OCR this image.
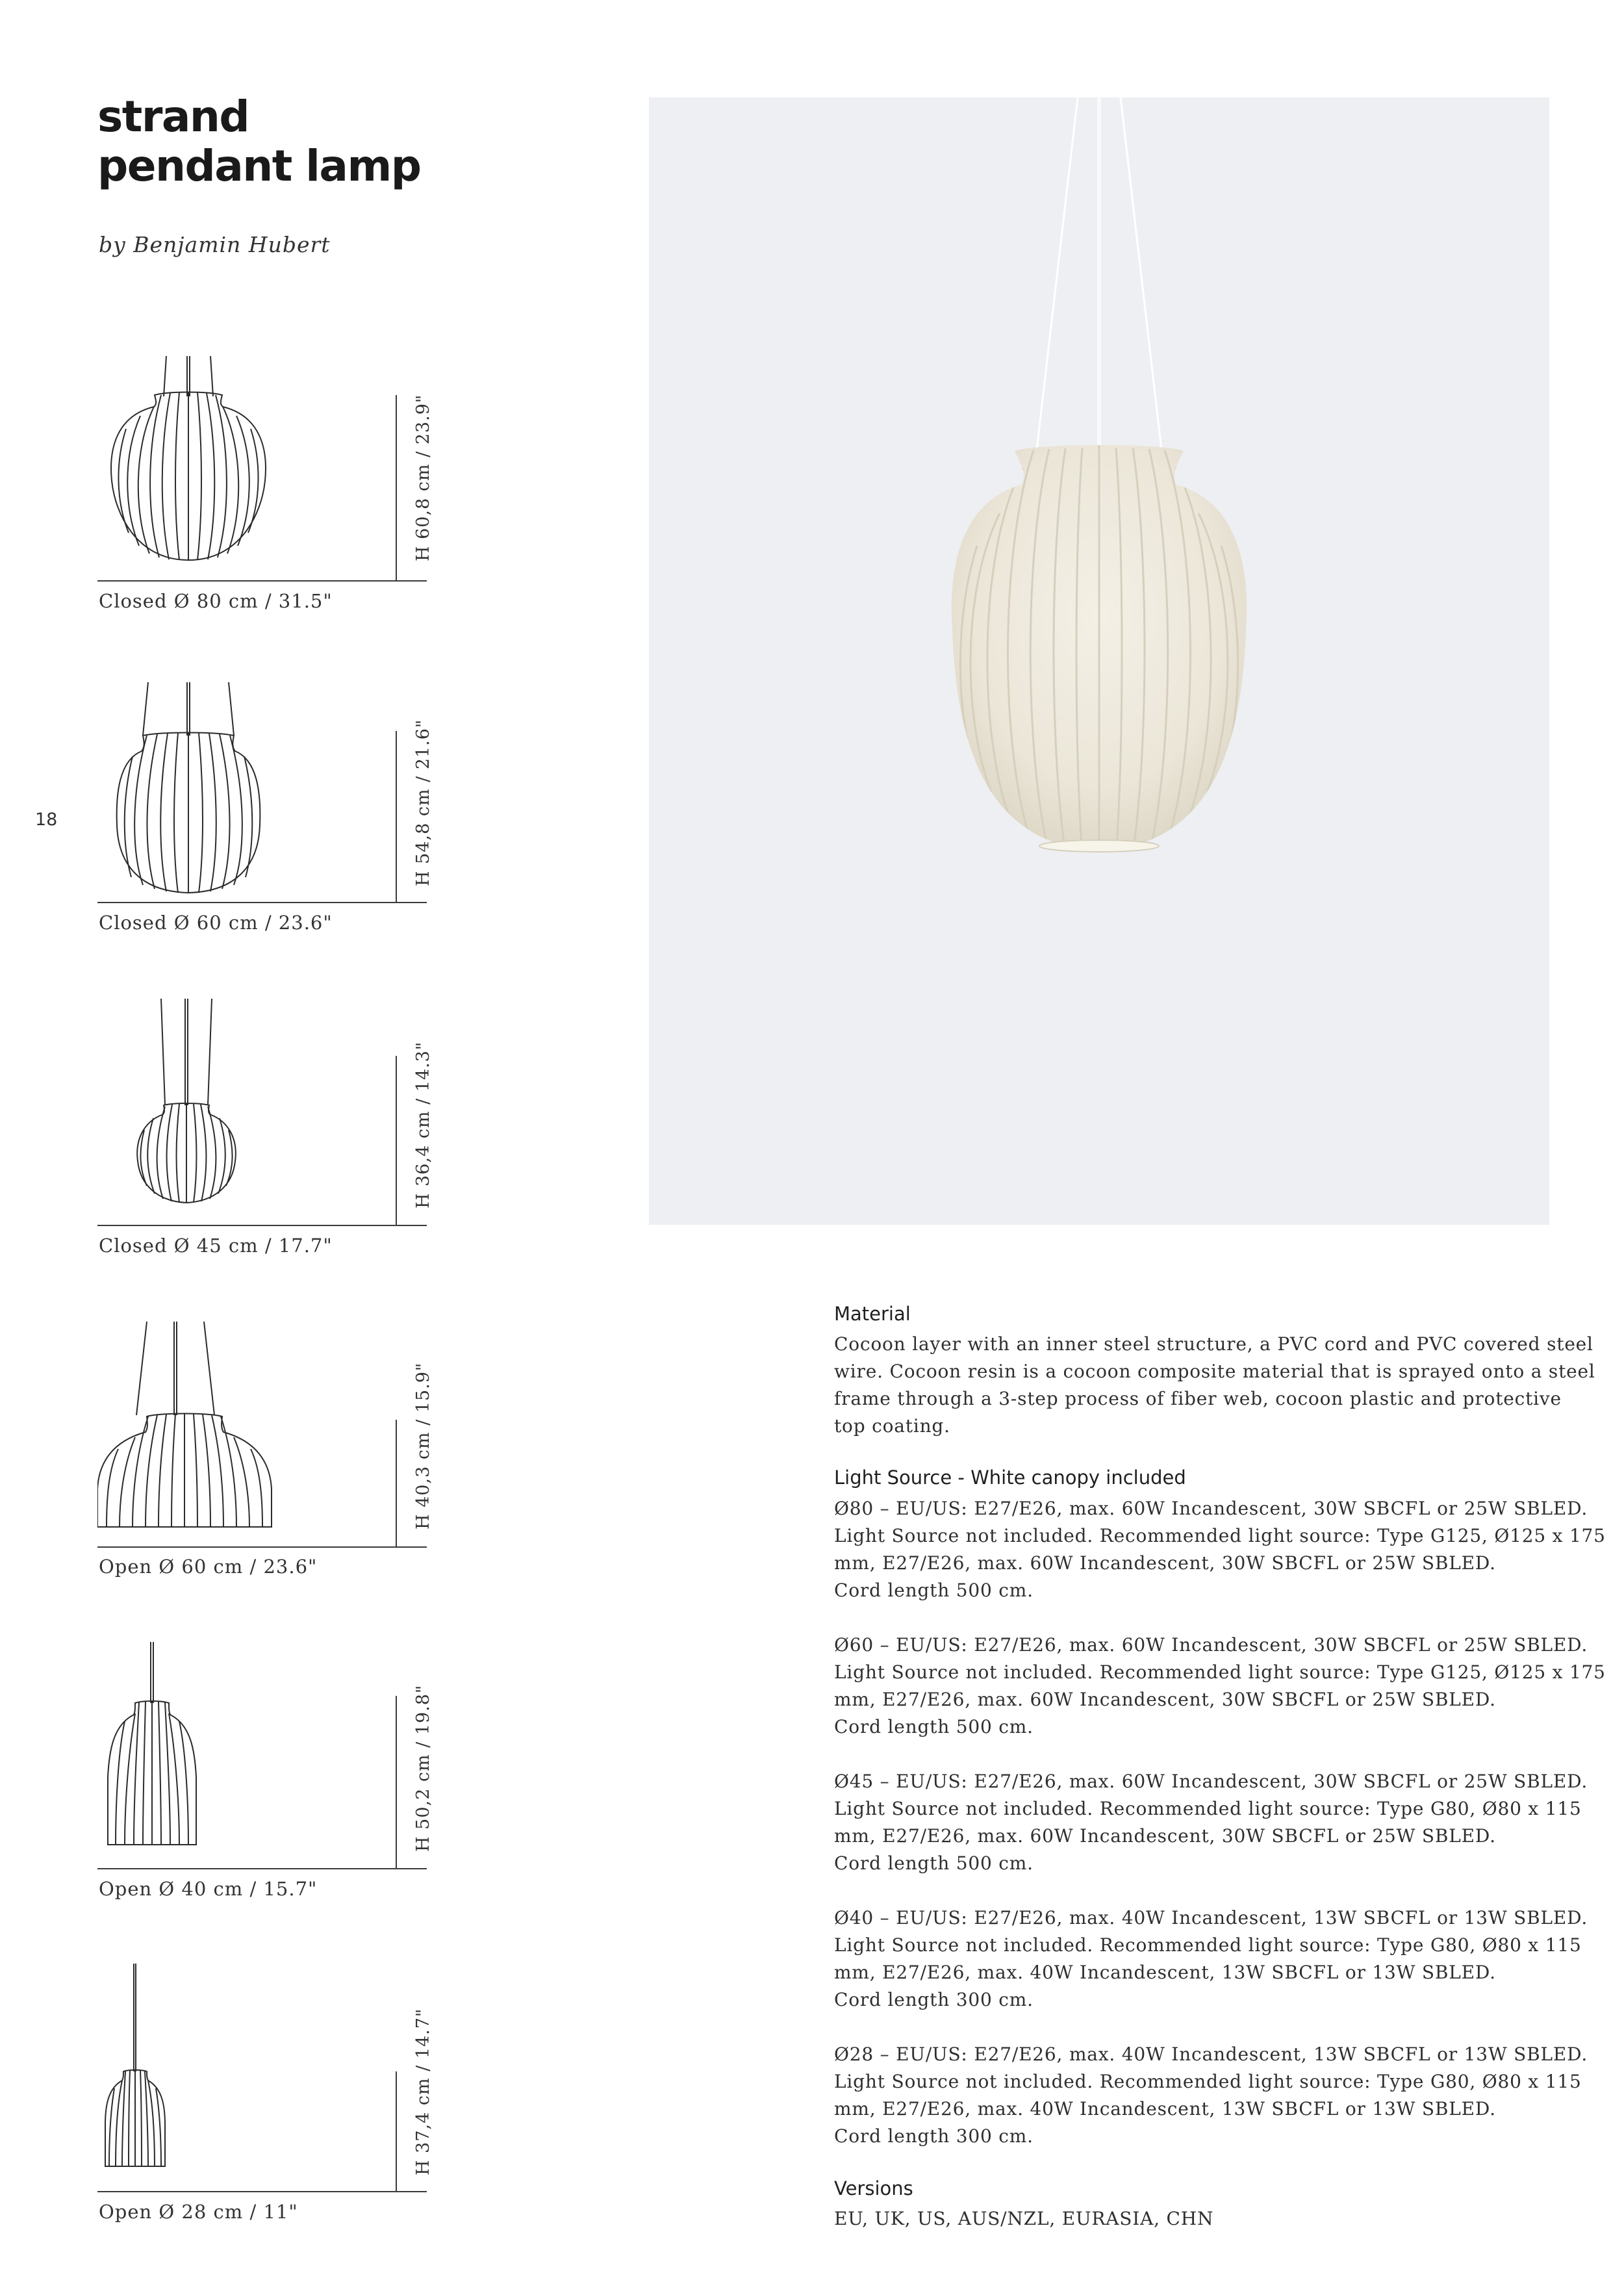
strand
pendant lamp
by Benjamin Hubert
18
H 60,8 cm / 23.9"
Closed Ø 80 cm / 31.5"
H 54,8 cm / 21.6"
Closed Ø 60 cm / 23.6"
H 36,4 cm / 14.3"
Closed Ø 45 cm / 17.7"
H 40,3 cm / 15.9"
Open Ø 60 cm / 23.6"
H 50,2 cm / 19.8"
Open Ø 40 cm / 15.7"
H 37,4 cm / 14.7"
Open Ø 28 cm / 11"
Material

Cocoon layer with an inner steel structure, a PVC cord and PVC covered steel
wire. Cocoon resin is a cocoon composite material that is sprayed onto a steel
frame through a 3-step process of fiber web, cocoon plastic and protective
top coating.

Light Source - White canopy included

Ø80 – EU/US: E27/E26, max. 60W Incandescent, 30W SBCFL or 25W SBLED.
Light Source not included. Recommended light source: Type G125, Ø125 x 175
mm, E27/E26, max. 60W Incandescent, 30W SBCFL or 25W SBLED.
Cord length 500 cm.

Ø60 – EU/US: E27/E26, max. 60W Incandescent, 30W SBCFL or 25W SBLED.
Light Source not included. Recommended light source: Type G125, Ø125 x 175
mm, E27/E26, max. 60W Incandescent, 30W SBCFL or 25W SBLED.
Cord length 500 cm.

Ø45 – EU/US: E27/E26, max. 60W Incandescent, 30W SBCFL or 25W SBLED.
Light Source not included. Recommended light source: Type G80, Ø80 x 115
mm, E27/E26, max. 60W Incandescent, 30W SBCFL or 25W SBLED.
Cord length 500 cm.

Ø40 – EU/US: E27/E26, max. 40W Incandescent, 13W SBCFL or 13W SBLED.
Light Source not included. Recommended light source: Type G80, Ø80 x 115
mm, E27/E26, max. 40W Incandescent, 13W SBCFL or 13W SBLED.
Cord length 300 cm.

Ø28 – EU/US: E27/E26, max. 40W Incandescent, 13W SBCFL or 13W SBLED.
Light Source not included. Recommended light source: Type G80, Ø80 x 115
mm, E27/E26, max. 40W Incandescent, 13W SBCFL or 13W SBLED.
Cord length 300 cm.

Versions

EU, UK, US, AUS/NZL, EURASIA, CHN
